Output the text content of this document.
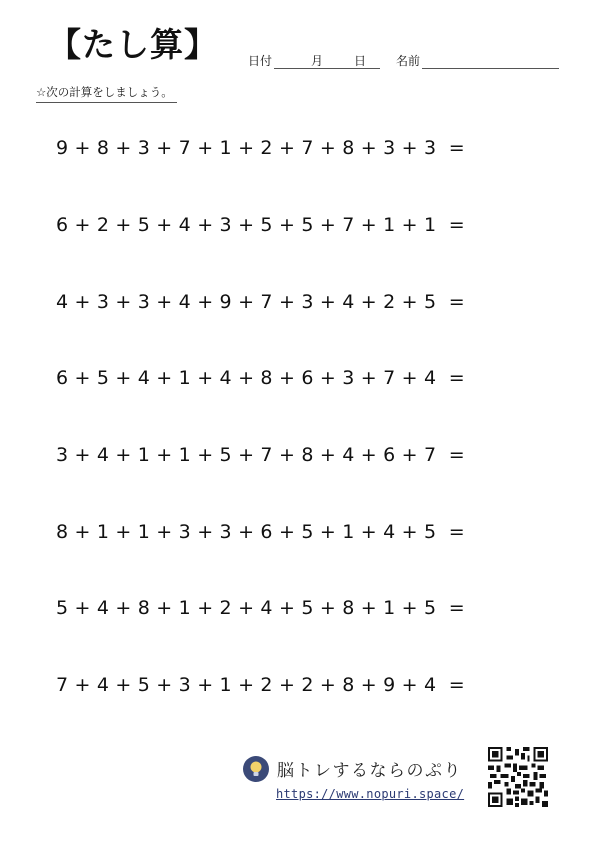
【たし算】	日付	月	日 名前
☆次の計算をしましょう。
9 + 8 + 3 + 7 + 1 + 2 + 7 + 8 + 3 + 3  =
6 + 2 + 5 + 4 + 3 + 5 + 5 + 7 + 1 + 1  =
4 + 3 + 3 + 4 + 9 + 7 + 3 + 4 + 2 + 5  =
6 + 5 + 4 + 1 + 4 + 8 + 6 + 3 + 7 + 4  =
3 + 4 + 1 + 1 + 5 + 7 + 8 + 4 + 6 + 7  =
8 + 1 + 1 + 3 + 3 + 6 + 5 + 1 + 4 + 5  =
5 + 4 + 8 + 1 + 2 + 4 + 5 + 8 + 1 + 5  =
7 + 4 + 5 + 3 + 1 + 2 + 2 + 8 + 9 + 4  =
脳トレするならのぷり
https://www.nopuri.space/
